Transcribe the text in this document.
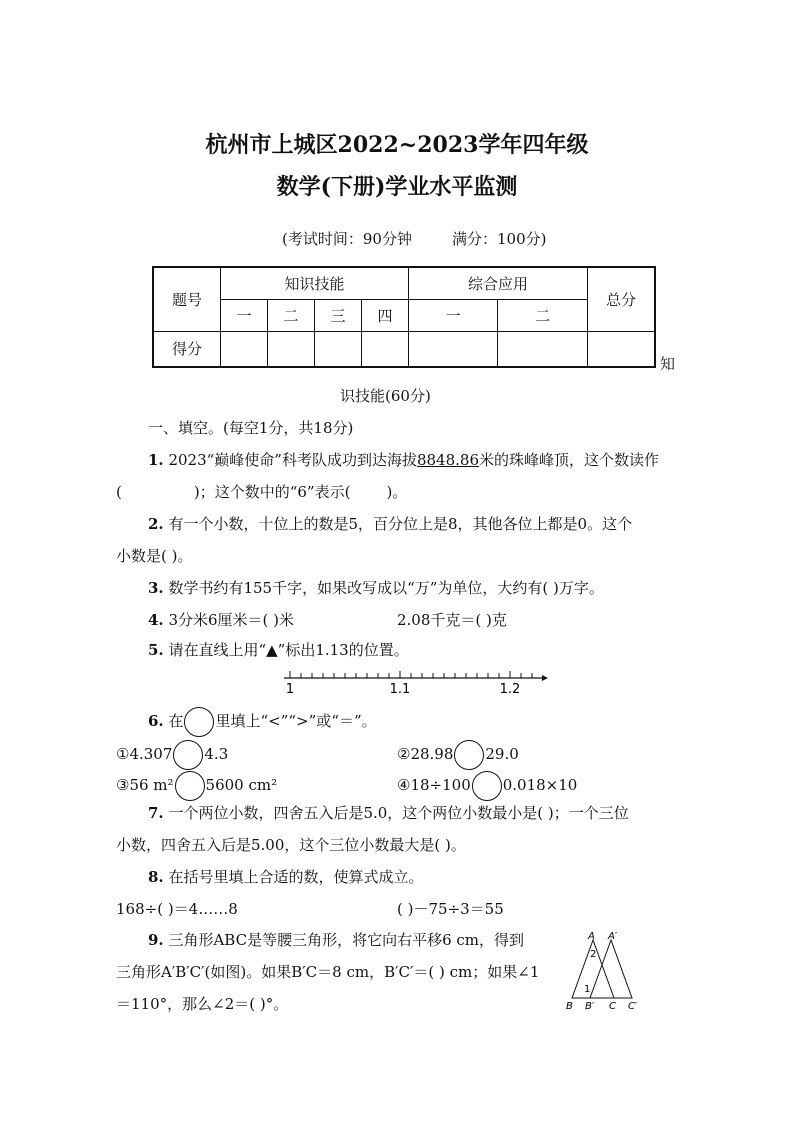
杭州市上城区2022~2023学年四年级
数学(下册)学业水平监测
(考试时间：90分钟	满分：100分)
题号	知识技能				综合应用		总分
	一	二	三	四	一	二	
得分							
知
识技能(60分)
一、填空。(每空1分，共18分)
1. 2023“巅峰使命”科考队成功到达海拔8848.86米的珠峰峰顶，这个数读作
(	)；这个数中的“6”表示( )。
2. 有一个小数，十位上的数是5，百分位上是8，其他各位上都是0。这个
小数是( )。
3. 数学书约有155千字，如果改写成以“万”为单位，大约有( )万字。
4. 3分米6厘米＝( )米	2.08千克＝( )克
5. 请在直线上用“▲”标出1.13的位置。
1	1.1	1.2
6. 在 里填上“<”“>”或“＝”。
①4.307 4.3	②28.98 29.0
③56 m² 5600 cm²	④18÷100 0.018×10
7. 一个两位小数，四舍五入后是5.0，这个两位小数最小是( )；一个三位
小数，四舍五入后是5.00，这个三位小数最大是( )。
8. 在括号里填上合适的数，使算式成立。
168÷( )＝4……8	( )－75÷3＝55
9. 三角形ABC是等腰三角形，将它向右平移6 cm，得到
三角形A′B′C′(如图)。如果B′C＝8 cm，B′C′＝( ) cm；如果∠1
＝110°，那么∠2＝( )°。
A A′
2
1
B B′ C C′
